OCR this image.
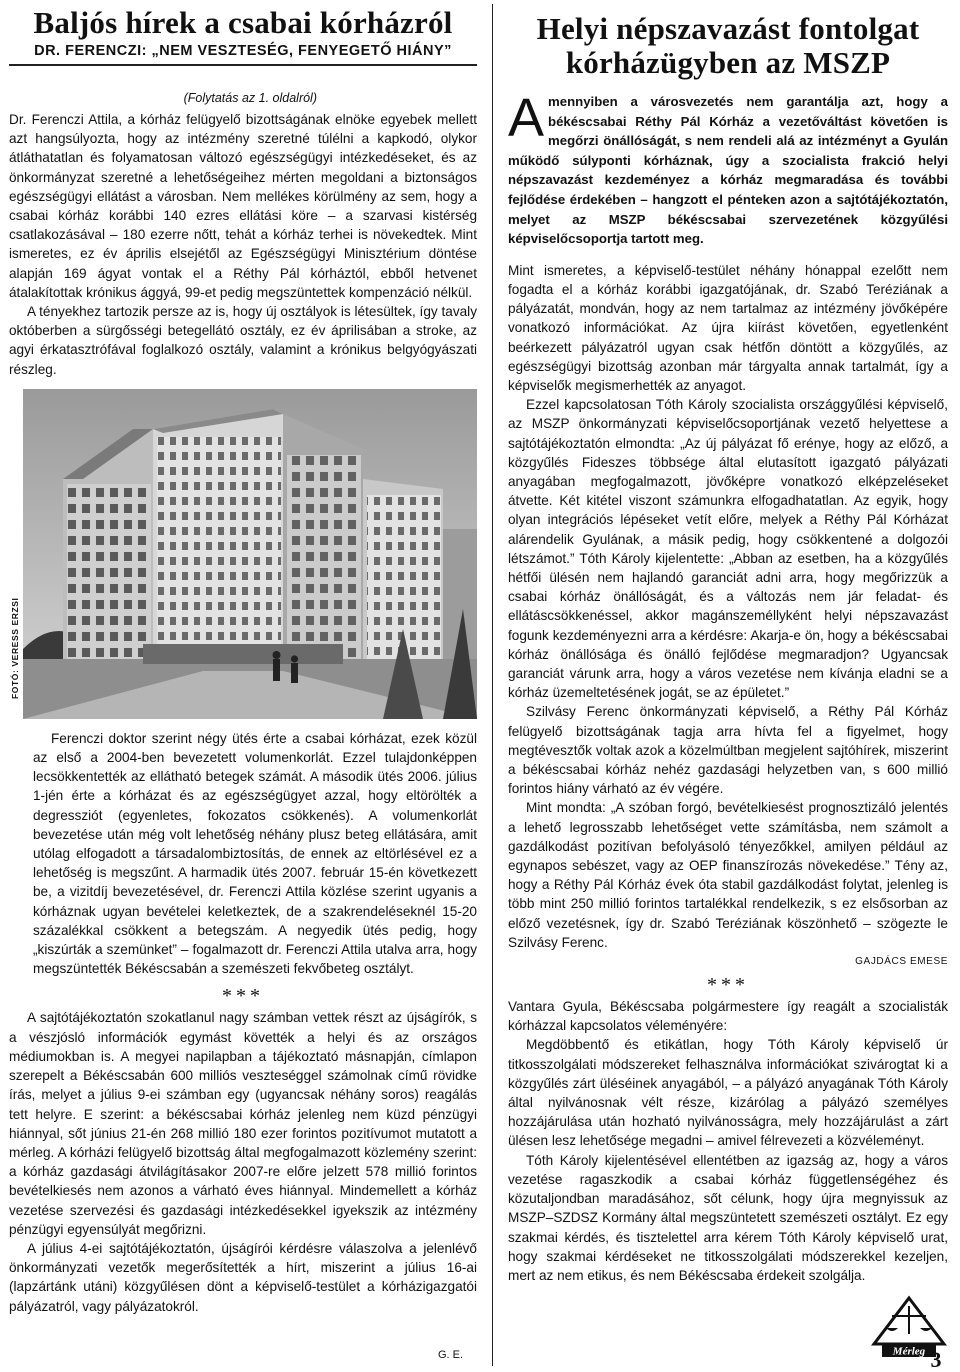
Baljós hírek a csabai kórházról
DR. FERENCZI: „NEM VESZTESÉG, FENYEGETŐ HIÁNY”
(Folytatás az 1. oldalról)

Dr. Ferenczi Attila, a kórház felügyelő bizottságának elnöke egyebek mellett azt hangsúlyozta, hogy az intézmény szeretné túlélni a kapkodó, olykor átláthatatlan és folyamatosan változó egészségügyi intézkedéseket, és az önkormányzat szeretné a lehetőségeihez mérten megoldani a biztonságos egészségügyi ellátást a városban. Nem mellékes körülmény az sem, hogy a csabai kórház korábbi 140 ezres ellátási köre – a szarvasi kistérség csatlakozásával – 180 ezerre nőtt, tehát a kórház terhei is növekedtek. Mint ismeretes, ez év április elsejétől az Egészségügyi Minisztérium döntése alapján 169 ágyat vontak el a Réthy Pál kórháztól, ebből hetvenet átalakítottak krónikus ággyá, 99-et pedig megszüntettek kompenzáció nélkül.

A tényekhez tartozik persze az is, hogy új osztályok is létesültek, így tavaly októberben a sürgősségi betegellátó osztály, ez év áprilisában a stroke, az agyi érkatasztrófával foglalkozó osztály, valamint a krónikus belgyógyászati részleg.

FOTÓ: VERESS ERZSI

Ferenczi doktor szerint négy ütés érte a csabai kórházat, ezek közül az első a 2004-ben bevezetett volumenkorlát. Ezzel tulajdonképpen lecsökkentették az ellátható betegek számát. A második ütés 2006. július 1-jén érte a kórházat és az egészségügyet azzal, hogy eltörölték a degressziót (egyenletes, fokozatos csökkenés). A volumenkorlát bevezetése után még volt lehetőség néhány plusz beteg ellátására, amit utólag elfogadott a társadalombiztosítás, de ennek az eltörlésével ez a lehetőség is megszűnt. A harmadik ütés 2007. február 15-én következett be, a vizitdíj bevezetésével, dr. Ferenczi Attila közlése szerint ugyanis a kórháznak ugyan bevételei keletkeztek, de a szakrendeléseknél 15-20 százalékkal csökkent a betegszám. A negyedik ütés pedig, hogy „kiszúrták a szemünket” – fogalmazott dr. Ferenczi Attila utalva arra, hogy megszüntették Békéscsabán a szemészeti fekvőbeteg osztályt.

***

A sajtótájékoztatón szokatlanul nagy számban vettek részt az újságírók, s a vészjósló információk egymást követték a helyi és az országos médiumokban is. A megyei napilapban a tájékoztató másnapján, címlapon szerepelt a Békéscsabán 600 milliós veszteséggel számolnak című rövidke írás, melyet a július 9-ei számban egy (ugyancsak néhány soros) reagálás tett helyre. E szerint: a békéscsabai kórház jelenleg nem küzd pénzügyi hiánnyal, sőt június 21-én 268 millió 180 ezer forintos pozitívumot mutatott a mérleg. A kórházi felügyelő bizottság által megfogalmazott közlemény szerint: a kórház gazdasági átvilágításakor 2007-re előre jelzett 578 millió forintos bevételkiesés nem azonos a várható éves hiánnyal. Mindemellett a kórház vezetése szervezési és gazdasági intézkedésekkel igyekszik az intézmény pénzügyi egyensúlyát megőrizni.

A július 4-ei sajtótájékoztatón, újságírói kérdésre válaszolva a jelenlévő önkormányzati vezetők megerősítették a hírt, miszerint a július 16-ai (lapzártánk utáni) közgyűlésen dönt a képviselő-testület a kórházigazgatói pályázatról, vagy pályázatokról.

G. E.
Helyi népszavazást fontolgat kórházügyben az MSZP

Amennyiben a városvezetés nem garantálja azt, hogy a békéscsabai Réthy Pál Kórház a vezetőváltást követően is megőrzi önállóságát, s nem rendeli alá az intézményt a Gyulán működő súlyponti kórháznak, úgy a szocialista frakció helyi népszavazást kezdeményez a kórház megmaradása és további fejlődése érdekében – hangzott el pénteken azon a sajtótájékoztatón, melyet az MSZP békéscsabai szervezetének közgyűlési képviselőcsoportja tartott meg.

Mint ismeretes, a képviselő-testület néhány hónappal ezelőtt nem fogadta el a kórház korábbi igazgatójának, dr. Szabó Teréziának a pályázatát, mondván, hogy az nem tartalmaz az intézmény jövőképére vonatkozó információkat. Az újra kiírást követően, egyetlenként beérkezett pályázatról ugyan csak hétfőn döntött a közgyűlés, az egészségügyi bizottság azonban már tárgyalta annak tartalmát, így a képviselők megismerhették az anyagot.

Ezzel kapcsolatosan Tóth Károly szocialista országgyűlési képviselő, az MSZP önkormányzati képviselőcsoportjának vezető helyettese a sajtótájékoztatón elmondta: „Az új pályázat fő erénye, hogy az előző, a közgyűlés Fideszes többsége által elutasított igazgató pályázati anyagában megfogalmazott, jövőképre vonatkozó elképzeléseket átvette. Két kitétel viszont számunkra elfogadhatatlan. Az egyik, hogy olyan integrációs lépéseket vetít előre, melyek a Réthy Pál Kórházat alárendelik Gyulának, a másik pedig, hogy csökkentené a dolgozói létszámot.” Tóth Károly kijelentette: „Abban az esetben, ha a közgyűlés hétfői ülésén nem hajlandó garanciát adni arra, hogy megőrizzük a csabai kórház önállóságát, és a változás nem jár feladat- és ellátáscsökkenéssel, akkor magánszeméllyként helyi népszavazást fogunk kezdeményezni arra a kérdésre: Akarja-e ön, hogy a békéscsabai kórház önállósága és önálló fejlődése megmaradjon? Ugyancsak garanciát várunk arra, hogy a város vezetése nem kívánja eladni se a kórház üzemeltetésének jogát, se az épületet.”

Szilvásy Ferenc önkormányzati képviselő, a Réthy Pál Kórház felügyelő bizottságának tagja arra hívta fel a figyelmet, hogy megtévesztők voltak azok a közelmúltban megjelent sajtóhírek, miszerint a békéscsabai kórház nehéz gazdasági helyzetben van, s 600 millió forintos hiány várható az év végére.

Mint mondta: „A szóban forgó, bevételkiesést prognosztizáló jelentés a lehető legrosszabb lehetőséget vette számításba, nem számolt a gazdálkodást pozitívan befolyásoló tényezőkkel, amilyen például az egynapos sebészet, vagy az OEP finanszírozás növekedése.” Tény az, hogy a Réthy Pál Kórház évek óta stabil gazdálkodást folytat, jelenleg is több mint 250 millió forintos tartalékkal rendelkezik, s ez elsősorban az előző vezetésnek, így dr. Szabó Teréziának köszönhető – szögezte le Szilvásy Ferenc.

GAJDÁCS EMESE
***

Vantara Gyula, Békéscsaba polgármestere így reagált a szocialisták kórházzal kapcsolatos véleményére:

Megdöbbentő és etikátlan, hogy Tóth Károly képviselő úr titkosszolgálati módszereket felhasználva információkat szivárogtat ki a közgyűlés zárt üléséinek anyagából, – a pályázó anyagának Tóth Károly által nyilvánosnak vélt része, kizárólag a pályázó személyes hozzájárulása után hozható nyilvánosságra, mely hozzájárulást a zárt ülésen lesz lehetősége megadni – amivel félrevezeti a közvéleményt.

Tóth Károly kijelentésével ellentétben az igazság az, hogy a város vezetése ragaszkodik a csabai kórház függetlenségéhez és közutaljondban maradásához, sőt célunk, hogy újra megnyissuk az MSZP–SZDSZ Kormány által megszüntetett szemészeti osztályt. Ez egy szakmai kérdés, és tisztelettel arra kérem Tóth Károly képviselő urat, hogy szakmai kérdéseket ne titkosszolgálati módszerekkel kezeljen, mert az nem etikus, és nem Békéscsaba érdekeit szolgálja.

Mérleg 3
